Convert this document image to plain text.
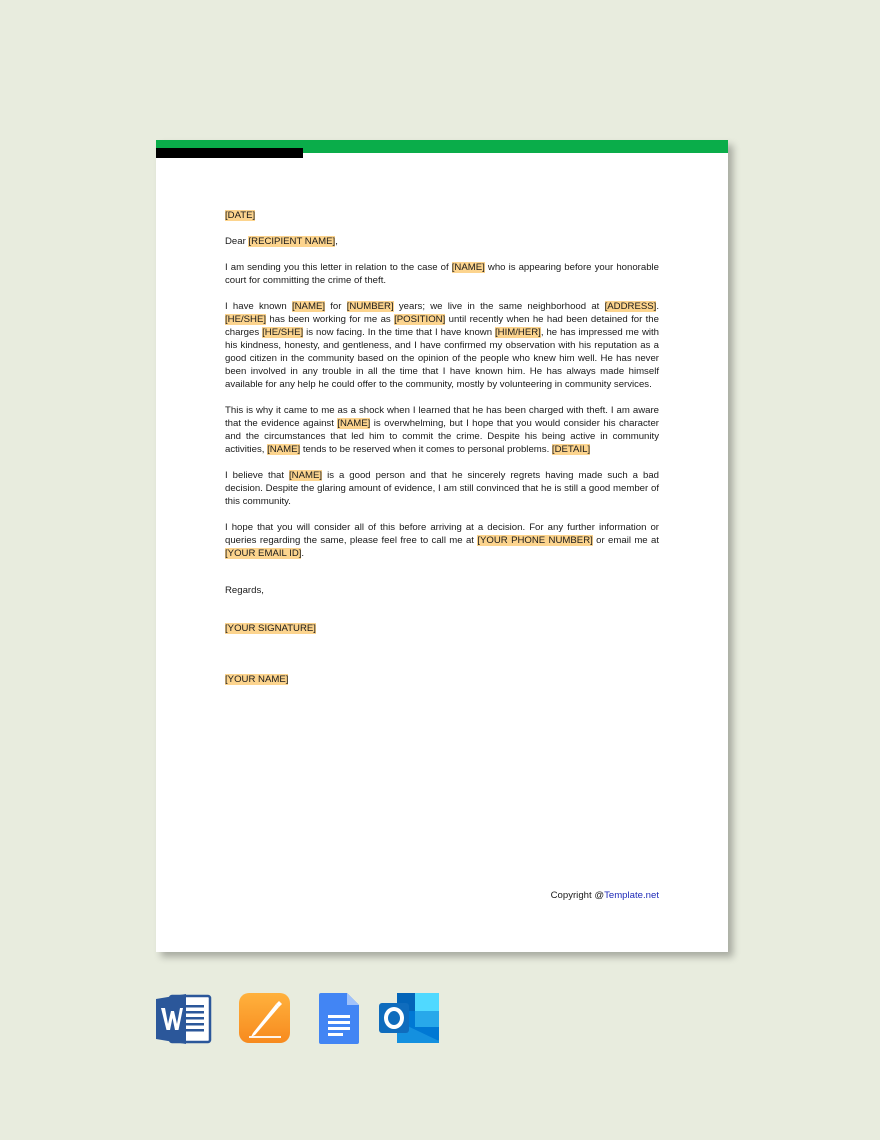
[DATE]

Dear [RECIPIENT NAME],

I am sending you this letter in relation to the case of [NAME] who is appearing before your honorable court for committing the crime of theft.

I have known [NAME] for [NUMBER] years; we live in the same neighborhood at [ADDRESS]. [HE/SHE] has been working for me as [POSITION] until recently when he had been detained for the charges [HE/SHE] is now facing. In the time that I have known [HIM/HER], he has impressed me with his kindness, honesty, and gentleness, and I have confirmed my observation with his reputation as a good citizen in the community based on the opinion of the people who knew him well. He has never been involved in any trouble in all the time that I have known him. He has always made himself available for any help he could offer to the community, mostly by volunteering in community services.

This is why it came to me as a shock when I learned that he has been charged with theft. I am aware that the evidence against [NAME] is overwhelming, but I hope that you would consider his character and the circumstances that led him to commit the crime. Despite his being active in community activities, [NAME] tends to be reserved when it comes to personal problems. [DETAIL]

I believe that [NAME] is a good person and that he sincerely regrets having made such a bad decision. Despite the glaring amount of evidence, I am still convinced that he is still a good member of this community.

I hope that you will consider all of this before arriving at a decision. For any further information or queries regarding the same, please feel free to call me at [YOUR PHONE NUMBER] or email me at [YOUR EMAIL ID].

Regards,

[YOUR SIGNATURE]

[YOUR NAME]

Copyright @Template.net
